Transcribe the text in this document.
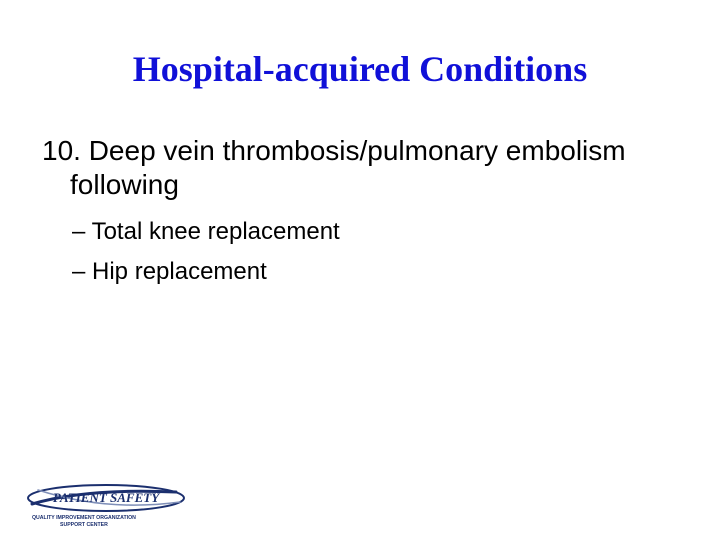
Hospital-acquired Conditions
10. Deep vein thrombosis/pulmonary embolism following
– Total knee replacement
– Hip replacement
PATIENT SAFETY
QUALITY IMPROVEMENT ORGANIZATION
SUPPORT CENTER
